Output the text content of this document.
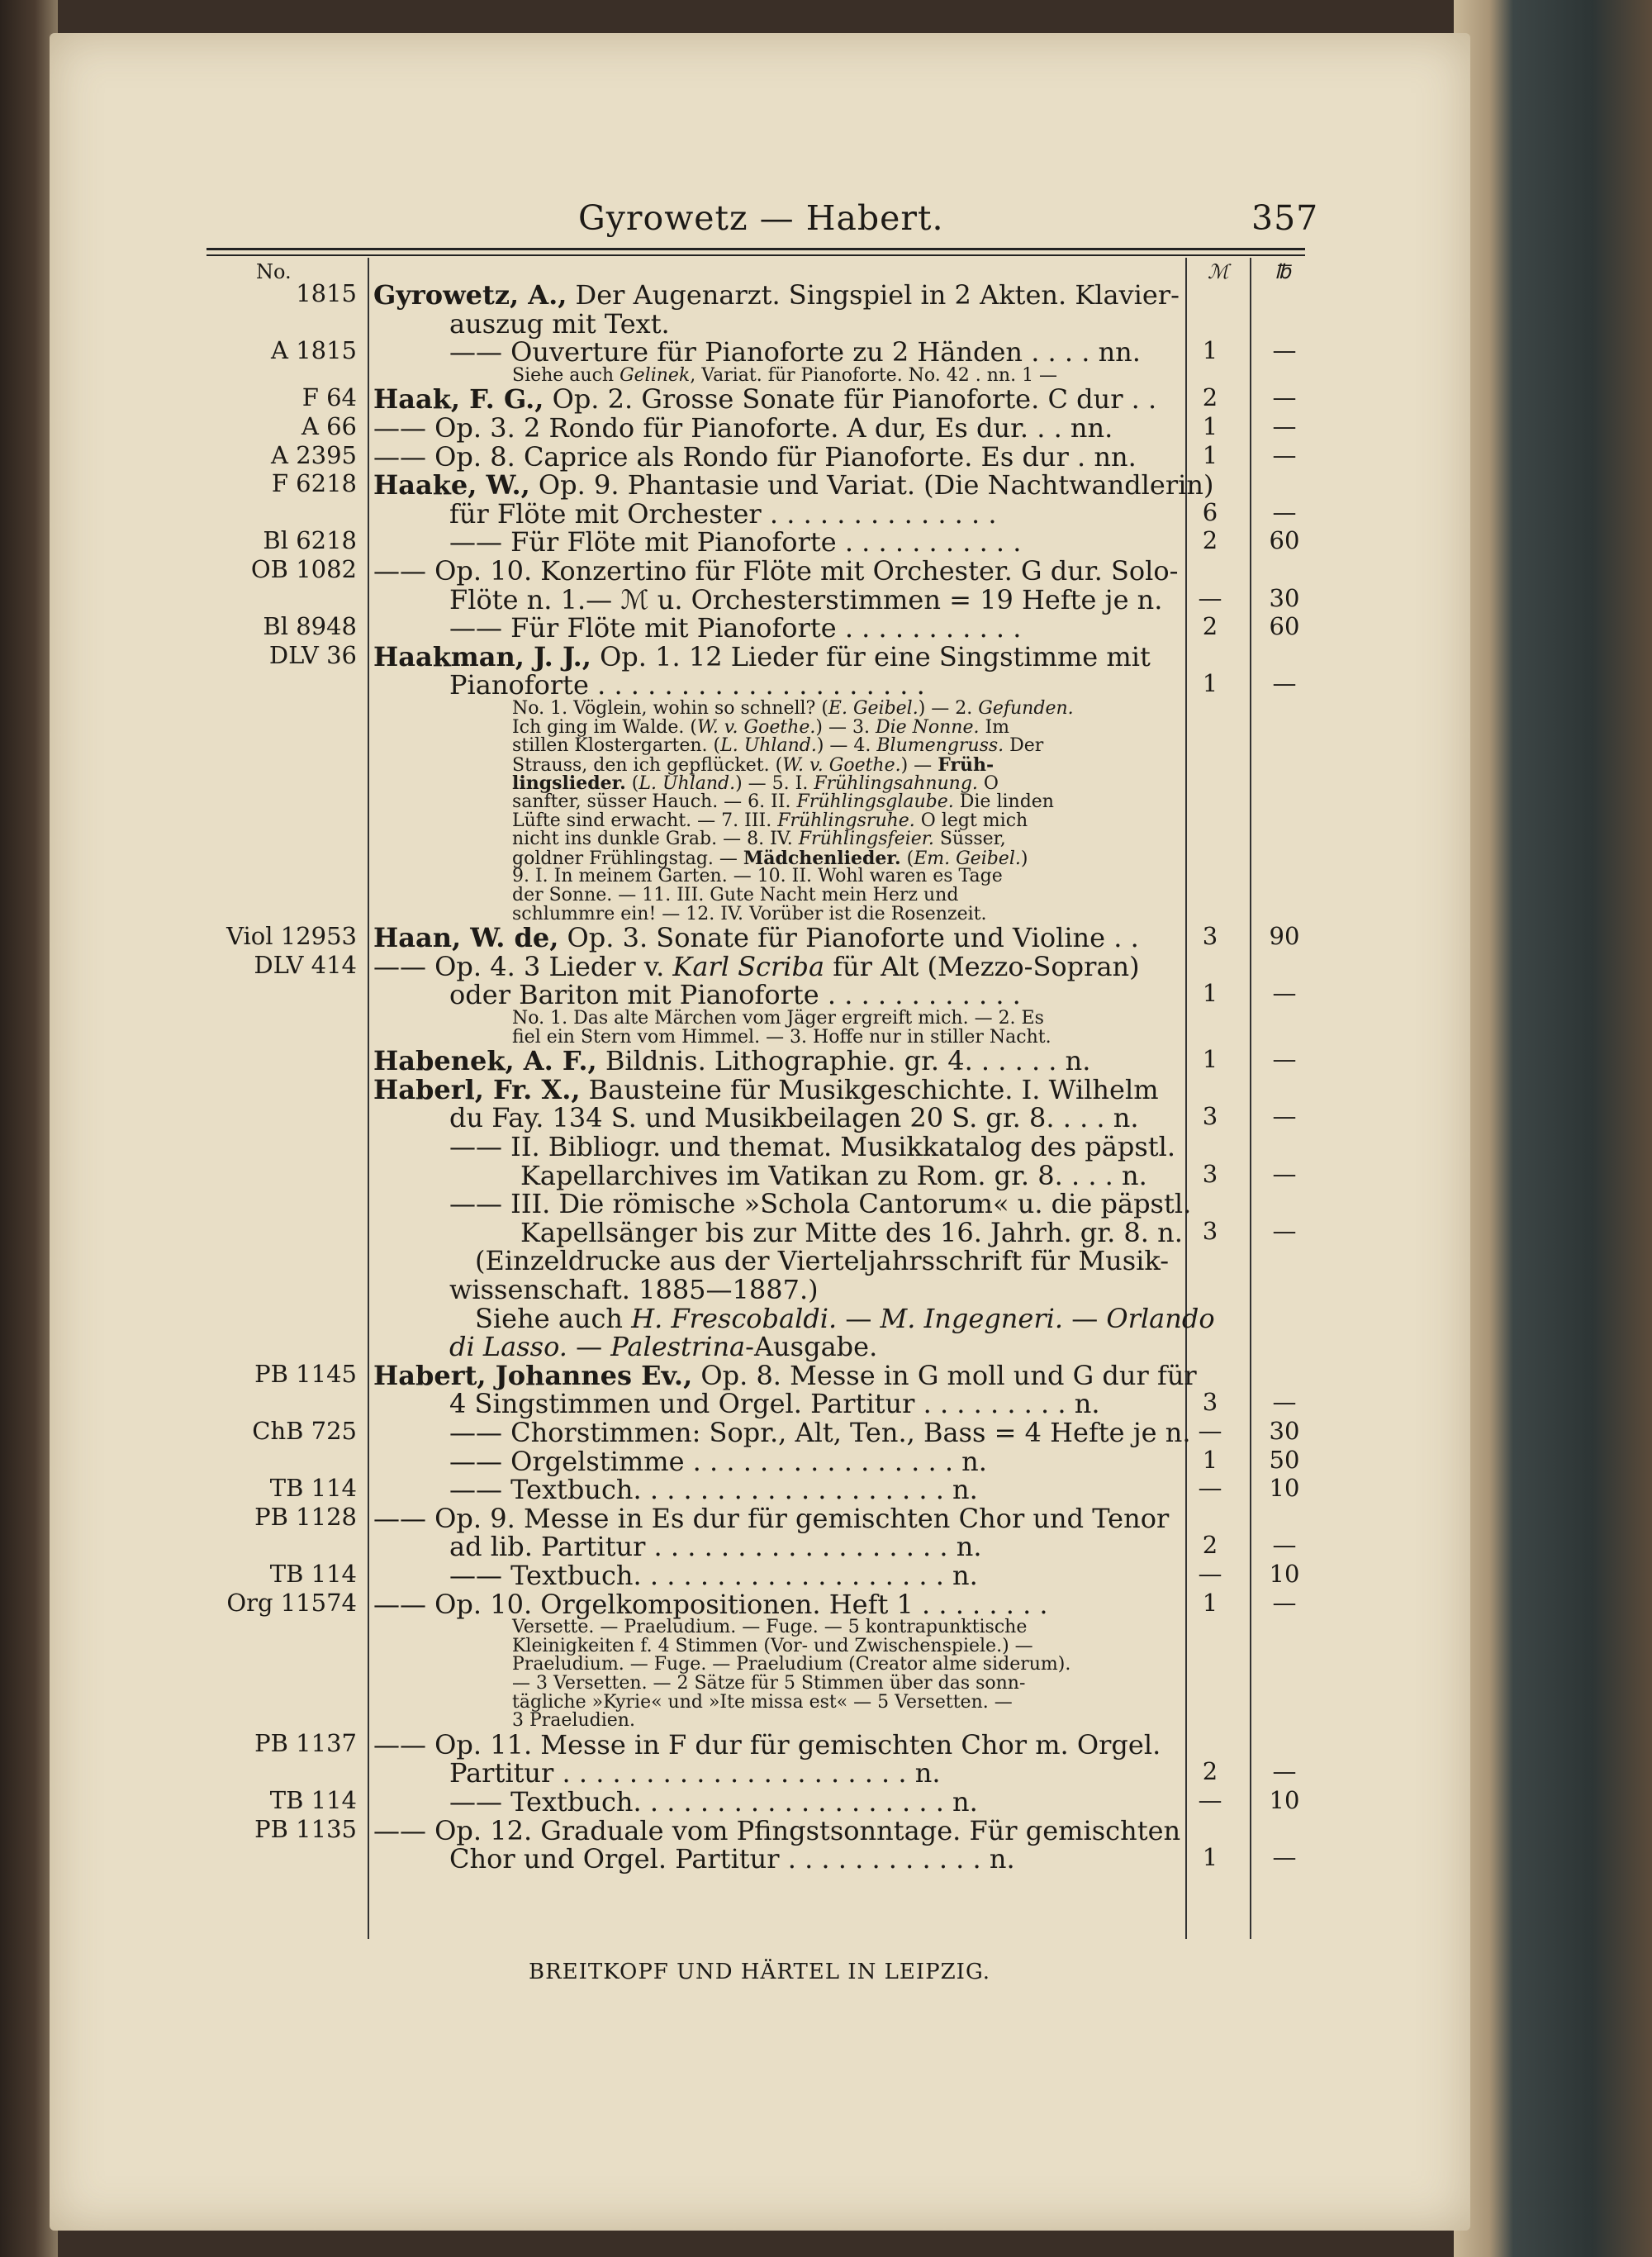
Gyrowetz — Habert.	357
No.	ℳ ℔
1815 Gyrowetz, A., Der Augenarzt. Singspiel in 2 Akten. Klavier-
auszug mit Text.
A 1815	—— Ouverture für Pianoforte zu 2 Händen . . . . nn.	1	—
Siehe auch Gelinek, Variat. für Pianoforte. No. 42 . nn. 1 —
F 64 Haak, F. G., Op. 2. Grosse Sonate für Pianoforte. C dur . .	2	—
A 66 —— Op. 3. 2 Rondo für Pianoforte. A dur, Es dur. . . nn.	1	—
A 2395 —— Op. 8. Caprice als Rondo für Pianoforte. Es dur . nn.	1	—
F 6218 Haake, W., Op. 9. Phantasie und Variat. (Die Nachtwandlerin)
für Flöte mit Orchester . . . . . . . . . . . . . .	6	—
Bl 6218	—— Für Flöte mit Pianoforte . . . . . . . . . . .	2	60
OB 1082 —— Op. 10. Konzertino für Flöte mit Orchester. G dur. Solo-
Flöte n. 1.— ℳ u. Orchesterstimmen = 19 Hefte je n.	—	30
Bl 8948	—— Für Flöte mit Pianoforte . . . . . . . . . . .	2	60
DLV 36 Haakman, J. J., Op. 1. 12 Lieder für eine Singstimme mit
Pianoforte . . . . . . . . . . . . . . . . . . . .	1	—
No. 1. Vöglein, wohin so schnell? (E. Geibel.) — 2. Gefunden.
Ich ging im Walde. (W. v. Goethe.) — 3. Die Nonne. Im
stillen Klostergarten. (L. Uhland.) — 4. Blumengruss. Der
Strauss, den ich gepflücket. (W. v. Goethe.) — Früh-
lingslieder. (L. Uhland.) — 5. I. Frühlingsahnung. O
sanfter, süsser Hauch. — 6. II. Frühlingsglaube. Die linden
Lüfte sind erwacht. — 7. III. Frühlingsruhe. O legt mich
nicht ins dunkle Grab. — 8. IV. Frühlingsfeier. Süsser,
goldner Frühlingstag. — Mädchenlieder. (Em. Geibel.)
9. I. In meinem Garten. — 10. II. Wohl waren es Tage
der Sonne. — 11. III. Gute Nacht mein Herz und
schlummre ein! — 12. IV. Vorüber ist die Rosenzeit.
Viol 12953 Haan, W. de, Op. 3. Sonate für Pianoforte und Violine . .	3	90
DLV 414 —— Op. 4. 3 Lieder v. Karl Scriba für Alt (Mezzo-Sopran)
oder Bariton mit Pianoforte . . . . . . . . . . . .	1	—
No. 1. Das alte Märchen vom Jäger ergreift mich. — 2. Es
fiel ein Stern vom Himmel. — 3. Hoffe nur in stiller Nacht.
Habenek, A. F., Bildnis. Lithographie. gr. 4. . . . . . n.	1	—
Haberl, Fr. X., Bausteine für Musikgeschichte. I. Wilhelm
du Fay. 134 S. und Musikbeilagen 20 S. gr. 8. . . . n.	3	—
—— II. Bibliogr. und themat. Musikkatalog des päpstl.
Kapellarchives im Vatikan zu Rom. gr. 8. . . . n.	3	—
—— III. Die römische »Schola Cantorum« u. die päpstl.
Kapellsänger bis zur Mitte des 16. Jahrh. gr. 8. n. 3	—
(Einzeldrucke aus der Vierteljahrsschrift für Musik-
wissenschaft. 1885—1887.)
Siehe auch H. Frescobaldi. — M. Ingegneri. — Orlando
di Lasso. — Palestrina-Ausgabe.
PB 1145 Habert, Johannes Ev., Op. 8. Messe in G moll und G dur für
4 Singstimmen und Orgel. Partitur . . . . . . . . . n.	3	—
ChB 725	—— Chorstimmen: Sopr., Alt, Ten., Bass = 4 Hefte je n. —	30
—— Orgelstimme . . . . . . . . . . . . . . . . n.	1	50
TB 114	—— Textbuch. . . . . . . . . . . . . . . . . . . n.	—	10
PB 1128 —— Op. 9. Messe in Es dur für gemischten Chor und Tenor
ad lib. Partitur . . . . . . . . . . . . . . . . . . n.	2	—
TB 114	—— Textbuch. . . . . . . . . . . . . . . . . . . n.	—	10
Org 11574 —— Op. 10. Orgelkompositionen. Heft 1 . . . . . . . .	1	—
Versette. — Praeludium. — Fuge. — 5 kontrapunktische
Kleinigkeiten f. 4 Stimmen (Vor- und Zwischenspiele.) —
Praeludium. — Fuge. — Praeludium (Creator alme siderum).
— 3 Versetten. — 2 Sätze für 5 Stimmen über das sonn-
tägliche »Kyrie« und »Ite missa est« — 5 Versetten. —
3 Praeludien.
PB 1137 —— Op. 11. Messe in F dur für gemischten Chor m. Orgel.
Partitur . . . . . . . . . . . . . . . . . . . . . n.	2	—
TB 114	—— Textbuch. . . . . . . . . . . . . . . . . . . n.	—	10
PB 1135 —— Op. 12. Graduale vom Pfingstsonntage. Für gemischten
Chor und Orgel. Partitur . . . . . . . . . . . . n.	1	—
BREITKOPF UND HÄRTEL IN LEIPZIG.
